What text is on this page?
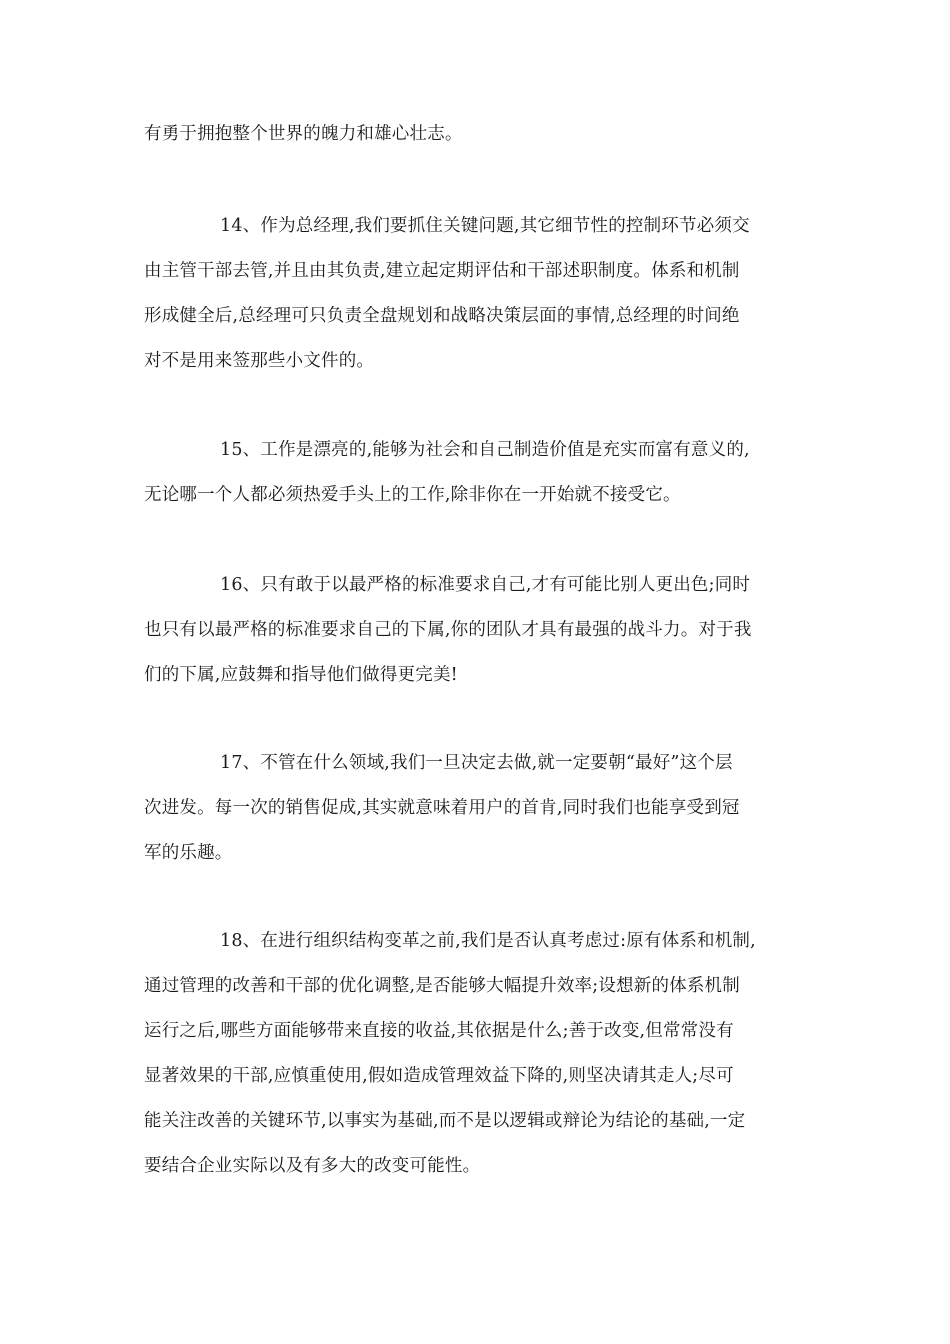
有勇于拥抱整个世界的魄力和雄心壮志。
14、作为总经理,我们要抓住关键问题,其它细节性的控制环节必须交
由主管干部去管,并且由其负责,建立起定期评估和干部述职制度。体系和机制
形成健全后,总经理可只负责全盘规划和战略决策层面的事情,总经理的时间绝
对不是用来签那些小文件的。
15、工作是漂亮的,能够为社会和自己制造价值是充实而富有意义的,
无论哪一个人都必须热爱手头上的工作,除非你在一开始就不接受它。
16、只有敢于以最严格的标准要求自己,才有可能比别人更出色;同时
也只有以最严格的标准要求自己的下属,你的团队才具有最强的战斗力。对于我
们的下属,应鼓舞和指导他们做得更完美!
17、不管在什么领域,我们一旦决定去做,就一定要朝“最好”这个层
次进发。每一次的销售促成,其实就意味着用户的首肯,同时我们也能享受到冠
军的乐趣。
18、在进行组织结构变革之前,我们是否认真考虑过:原有体系和机制,
通过管理的改善和干部的优化调整,是否能够大幅提升效率;设想新的体系机制
运行之后,哪些方面能够带来直接的收益,其依据是什么;善于改变,但常常没有
显著效果的干部,应慎重使用,假如造成管理效益下降的,则坚决请其走人;尽可
能关注改善的关键环节,以事实为基础,而不是以逻辑或辩论为结论的基础,一定
要结合企业实际以及有多大的改变可能性。
